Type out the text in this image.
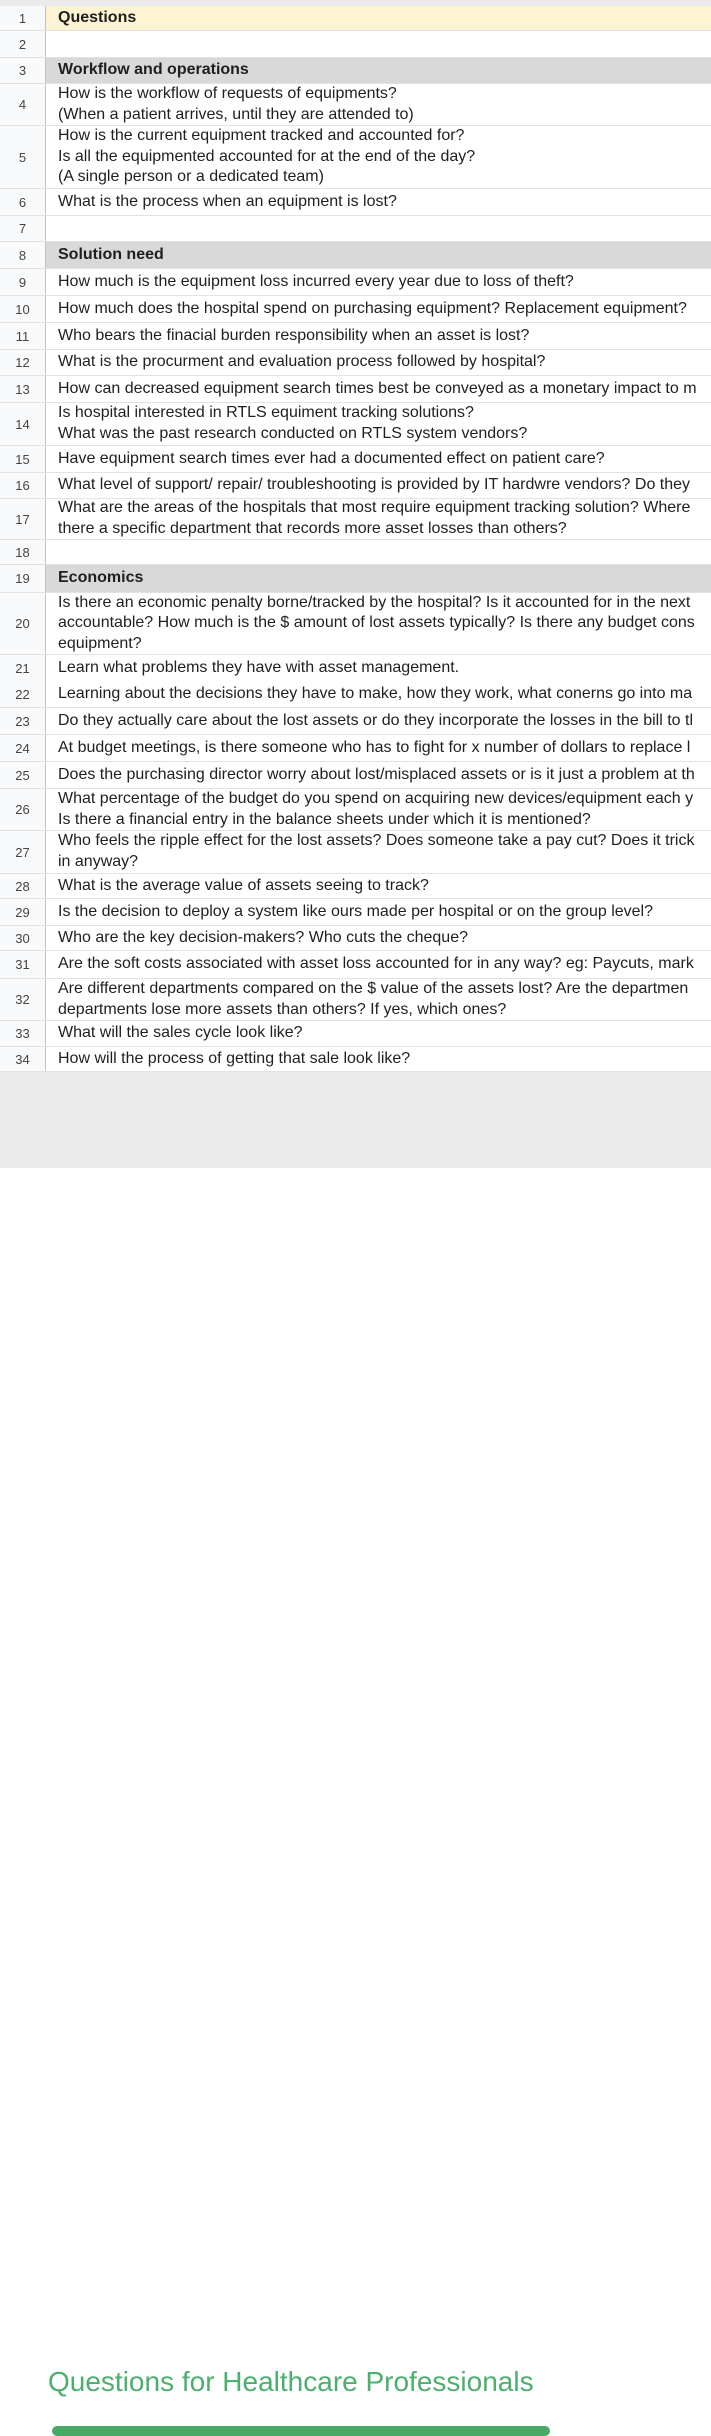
1	Questions
2
3	Workflow and operations
4
How is the workflow of requests of equipments?
(When a patient arrives, until they are attended to)
5
How is the current equipment tracked and accounted for?
Is all the equipmented accounted for at the end of the day?
(A single person or a dedicated team)
6	What is the process when an equipment is lost?
7
8	Solution need
9	How much is the equipment loss incurred every year due to loss of theft?
10	How much does the hospital spend on purchasing equipment? Replacement equipment?
11	Who bears the finacial burden responsibility when an asset is lost?
12	What is the procurment and evaluation process followed by hospital?
13	How can decreased equipment search times best be conveyed as a monetary impact to m
14
Is hospital interested in RTLS equiment tracking solutions?
What was the past research conducted on RTLS system vendors?
15	Have equipment search times ever had a documented effect on patient care?
16	What level of support/ repair/ troubleshooting is provided by IT hardwre vendors? Do they
17
What are the areas of the hospitals that most require equipment tracking solution? Where
there a specific department that records more asset losses than others?
18
19	Economics
20
Is there an economic penalty borne/tracked by the hospital? Is it accounted for in the next
accountable? How much is the $ amount of lost assets typically? Is there any budget cons
equipment?
21	Learn what problems they have with asset management.
22	Learning about the decisions they have to make, how they work, what conerns go into ma
23	Do they actually care about the lost assets or do they incorporate the losses in the bill to tl
24	At budget meetings, is there someone who has to fight for x number of dollars to replace l
25	Does the purchasing director worry about lost/misplaced assets or is it just a problem at th
26
What percentage of the budget do you spend on acquiring new devices/equipment each y
Is there a financial entry in the balance sheets under which it is mentioned?
27
Who feels the ripple effect for the lost assets? Does someone take a pay cut? Does it trick
in anyway?
28	What is the average value of assets seeing to track?
29	Is the decision to deploy a system like ours made per hospital or on the group level?
30	Who are the key decision-makers? Who cuts the cheque?
31	Are the soft costs associated with asset loss accounted for in any way? eg: Paycuts, mark
32
Are different departments compared on the $ value of the assets lost? Are the departmen
departments lose more assets than others? If yes, which ones?
33	What will the sales cycle look like?
34	How will the process of getting that sale look like?
Questions for Healthcare Professionals
